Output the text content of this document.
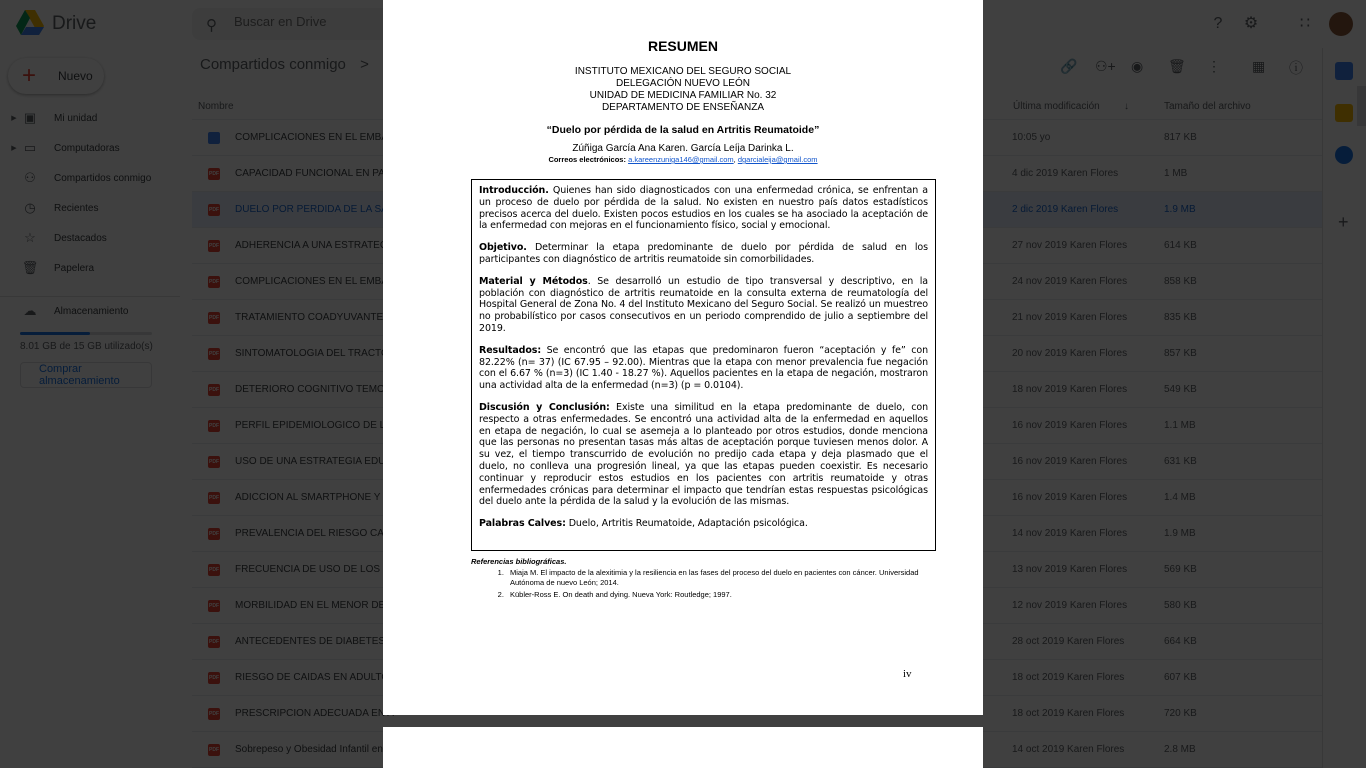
Buscar en Drive
RESUMEN
INSTITUTO MEXICANO DEL SEGURO SOCIAL
DELEGACIÓN NUEVO LEÓN
UNIDAD DE MEDICINA FAMILIAR No. 32
DEPARTAMENTO DE ENSEÑANZA
“Duelo por pérdida de la salud en Artritis Reumatoide”
Zúñiga García Ana Karen. García Leíja Darinka L.
Correos electrónicos: a.kareenzuniga146@gmail.com, dgarcialeija@gmail.com

Introducción. Quienes han sido diagnosticados con una enfermedad crónica, se enfrentan a un proceso de duelo por pérdida de la salud. No existen en nuestro país datos estadísticos precisos acerca del duelo. Existen pocos estudios en los cuales se ha asociado la aceptación de la enfermedad con mejoras en el funcionamiento físico, social y emocional.

Objetivo. Determinar la etapa predominante de duelo por pérdida de salud en los participantes con diagnóstico de artritis reumatoide sin comorbilidades.

Material y Métodos. Se desarrolló un estudio de tipo transversal y descriptivo, en la población con diagnóstico de artritis reumatoide en la consulta externa de reumatología del Hospital General de Zona No. 4 del Instituto Mexicano del Seguro Social. Se realizó un muestreo no probabilístico por casos consecutivos en un periodo comprendido de julio a septiembre del 2019.

Resultados: Se encontró que las etapas que predominaron fueron “aceptación y fe” con 82.22% (n= 37) (IC 67.95 – 92.00). Mientras que la etapa con menor prevalencia fue negación con el 6.67 % (n=3) (IC 1.40 - 18.27 %). Aquellos pacientes en la etapa de negación, mostraron una actividad alta de la enfermedad (n=3) (p = 0.0104).

Discusión y Conclusión: Existe una similitud en la etapa predominante de duelo, con respecto a otras enfermedades. Se encontró una actividad alta de la enfermedad en aquellos en etapa de negación, lo cual se asemeja a lo planteado por otros estudios, donde menciona que las personas no presentan tasas más altas de aceptación porque tuviesen menos dolor. A su vez, el tiempo transcurrido de evolución no predijo cada etapa y deja plasmado que el duelo, no conlleva una progresión lineal, ya que las etapas pueden coexistir. Es necesario continuar y reproducir estos estudios en los pacientes con artritis reumatoide y otras enfermedades crónicas para determinar el impacto que tendrían estas respuestas psicológicas del duelo ante la pérdida de la salud y la evolución de las mismas.

Palabras Calves: Duelo, Artritis Reumatoide, Adaptación psicológica.

Referencias bibliográficas.
1. Miaja M. El impacto de la alexitimia y la resiliencia en las fases del proceso del duelo en pacientes con cáncer. Universidad Autónoma de nuevo León; 2014.
2. Kübler-Ross E. On death and dying. Nueva York: Routledge; 1997.
iv
